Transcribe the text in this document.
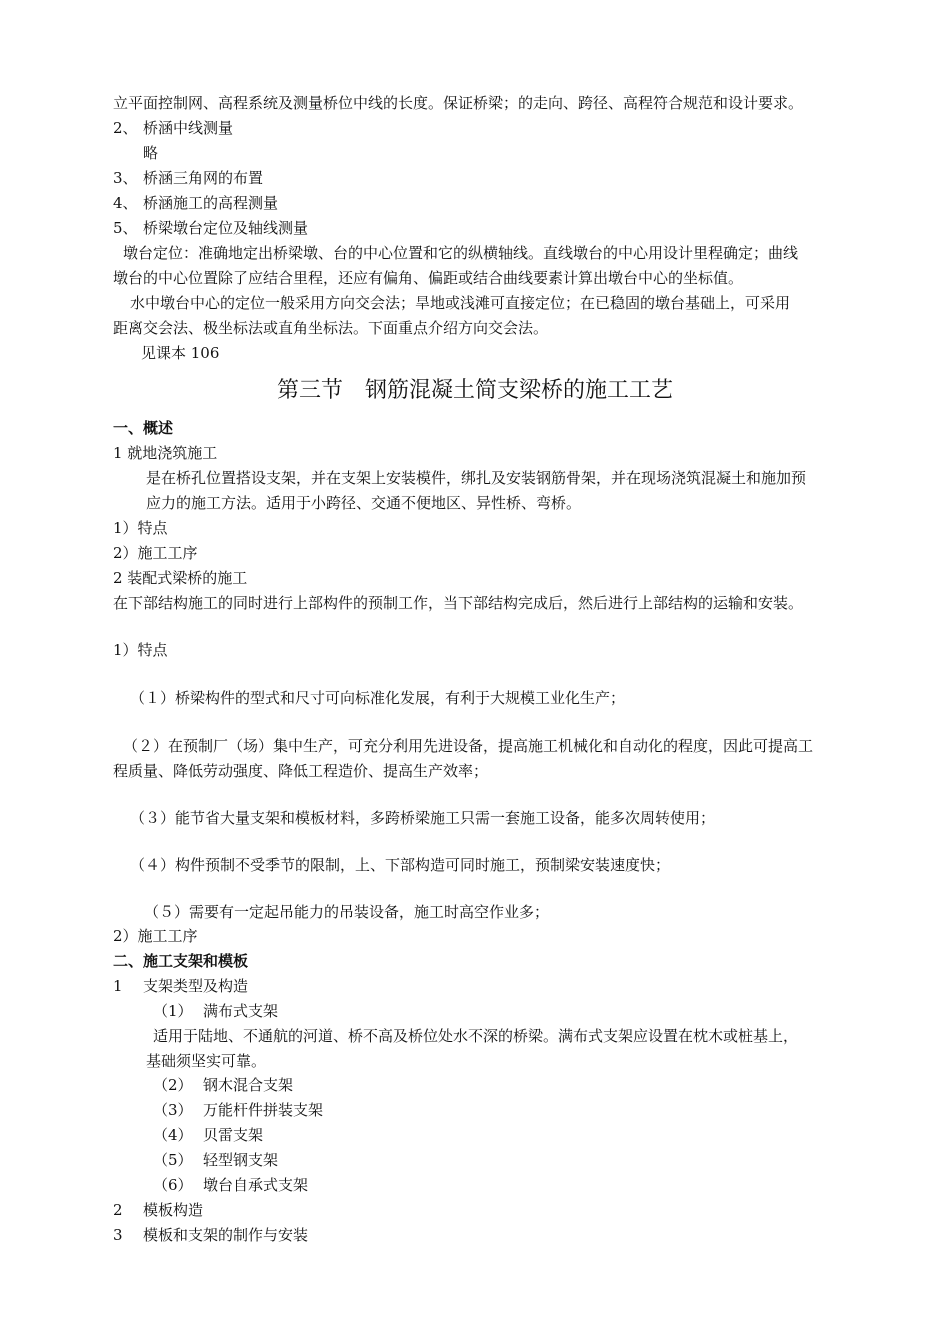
立平面控制网、高程系统及测量桥位中线的长度。保证桥梁；的走向、跨径、高程符合规范和设计要求。
2、 桥涵中线测量
略
3、 桥涵三角网的布置
4、 桥涵施工的高程测量
5、 桥梁墩台定位及轴线测量
墩台定位：准确地定出桥梁墩、台的中心位置和它的纵横轴线。直线墩台的中心用设计里程确定；曲线
墩台的中心位置除了应结合里程，还应有偏角、偏距或结合曲线要素计算出墩台中心的坐标值。
水中墩台中心的定位一般采用方向交会法；旱地或浅滩可直接定位；在已稳固的墩台基础上，可采用
距离交会法、极坐标法或直角坐标法。下面重点介绍方向交会法。
见课本 106
第三节　钢筋混凝土简支梁桥的施工工艺
一、概述
1 就地浇筑施工
是在桥孔位置搭设支架，并在支架上安装模件，绑扎及安装钢筋骨架，并在现场浇筑混凝土和施加预
应力的施工方法。适用于小跨径、交通不便地区、异性桥、弯桥。
1）特点
2）施工工序
2 装配式梁桥的施工
在下部结构施工的同时进行上部构件的预制工作，当下部结构完成后，然后进行上部结构的运输和安装。
1）特点
（１）桥梁构件的型式和尺寸可向标准化发展，有利于大规模工业化生产；
（２）在预制厂（场）集中生产，可充分利用先进设备，提高施工机械化和自动化的程度，因此可提高工
程质量、降低劳动强度、降低工程造价、提高生产效率；
（３）能节省大量支架和模板材料，多跨桥梁施工只需一套施工设备，能多次周转使用；
（４）构件预制不受季节的限制，上、下部构造可同时施工，预制梁安装速度快；
（５）需要有一定起吊能力的吊装设备，施工时高空作业多；
2）施工工序
二、施工支架和模板
1 支架类型及构造
（1） 满布式支架
适用于陆地、不通航的河道、桥不高及桥位处水不深的桥梁。满布式支架应设置在枕木或桩基上，
基础须坚实可靠。
（2） 钢木混合支架
（3） 万能杆件拼装支架
（4） 贝雷支架
（5） 轻型钢支架
（6） 墩台自承式支架
2 模板构造
3 模板和支架的制作与安装
